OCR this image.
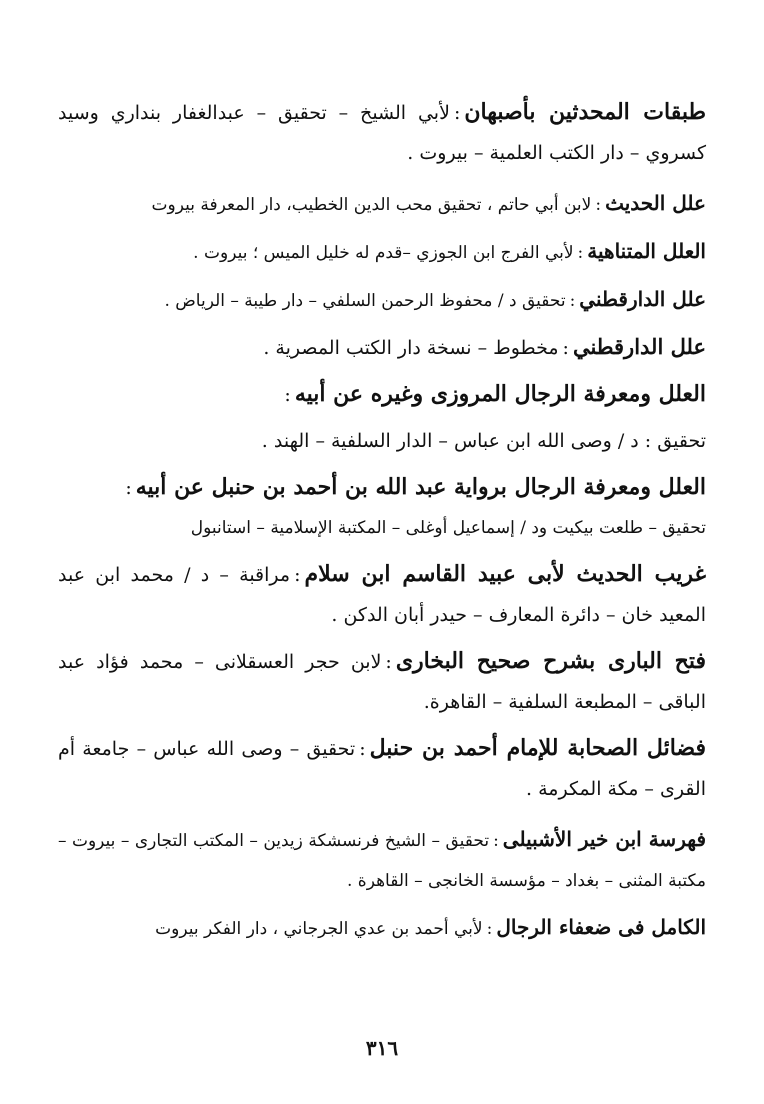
طبقات المحدثين بأصبهان:لأبي الشيخ – تحقيق – عبدالغفار بنداري وسيد كسروي – دار الكتب العلمية – بيروت .

علل الحديث:لابن أبي حاتم ، تحقيق محب الدين الخطيب، دار المعرفة بيروت

العلل المتناهية:لأبي الفرج ابن الجوزي –قدم له خليل الميس ؛ بيروت .

علل الدارقطني:تحقيق د / محفوظ الرحمن السلفي – دار طيبة – الرياض .

علل الدارقطني:مخطوط – نسخة دار الكتب المصرية .

العلل ومعرفة الرجال المروزى وغيره عن أبيه:

تحقيق : د / وصى الله ابن عباس – الدار السلفية – الهند .

العلل ومعرفة الرجال برواية عبد الله بن أحمد بن حنبل عن أبيه:

تحقيق – طلعت بيكيت ود / إسماعيل أوغلى – المكتبة الإسلامية – استانبول

غريب الحديث لأبى عبيد القاسم ابن سلام:مراقبة – د / محمد ابن عبد المعيد خان – دائرة المعارف – حيدر أبان الدكن .

فتح البارى بشرح صحيح البخارى:لابن حجر العسقلانى – محمد فؤاد عبد الباقى – المطبعة السلفية – القاهرة.

فضائل الصحابة للإمام أحمد بن حنبل:تحقيق – وصى الله عباس – جامعة أم القرى – مكة المكرمة .

فهرسة ابن خير الأشبيلى:تحقيق – الشيخ فرنسشكة زيدين – المكتب التجارى – بيروت – مكتبة المثنى – بغداد – مؤسسة الخانجى – القاهرة .

الكامل فى ضعفاء الرجال:لأبي أحمد بن عدي الجرجاني ، دار الفكر بيروت

٣١٦
